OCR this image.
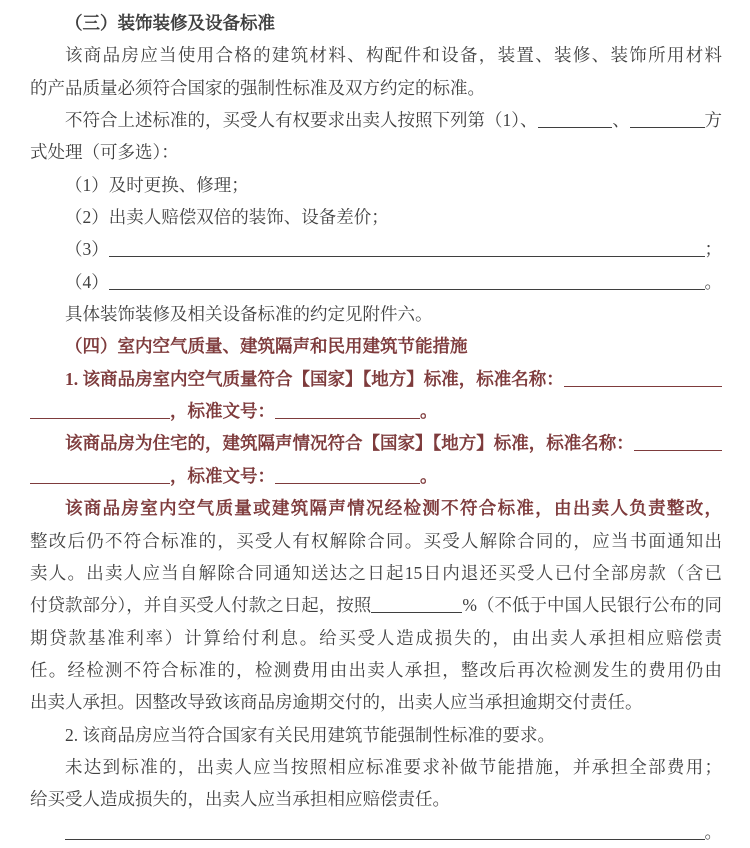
（三）装饰装修及设备标准
该商品房应当使用合格的建筑材料、构配件和设备，装置、装修、装饰所用材料
的产品质量必须符合国家的强制性标准及双方约定的标准。
不符合上述标准的，买受人有权要求出卖人按照下列第（1）、	、	方
式处理（可多选）：
（1）及时更换、修理；
（2）出卖人赔偿双倍的装饰、设备差价；
（3）	；
（4）	。
具体装饰装修及相关设备标准的约定见附件六。
（四）室内空气质量、建筑隔声和民用建筑节能措施
1. 该商品房室内空气质量符合【国家】【地方】标准，标准名称：
，标准文号：	。
该商品房为住宅的，建筑隔声情况符合【国家】【地方】标准，标准名称：
，标准文号：	。
该商品房室内空气质量或建筑隔声情况经检测不符合标准，由出卖人负责整改，
整改后仍不符合标准的，买受人有权解除合同。买受人解除合同的，应当书面通知出
卖人。出卖人应当自解除合同通知送达之日起15日内退还买受人已付全部房款（含已
付贷款部分），并自买受人付款之日起，按照	%（不低于中国人民银行公布的同
期贷款基准利率）计算给付利息。给买受人造成损失的，由出卖人承担相应赔偿责
任。经检测不符合标准的，检测费用由出卖人承担，整改后再次检测发生的费用仍由
出卖人承担。因整改导致该商品房逾期交付的，出卖人应当承担逾期交付责任。
2. 该商品房应当符合国家有关民用建筑节能强制性标准的要求。
未达到标准的，出卖人应当按照相应标准要求补做节能措施，并承担全部费用；
给买受人造成损失的，出卖人应当承担相应赔偿责任。
。
